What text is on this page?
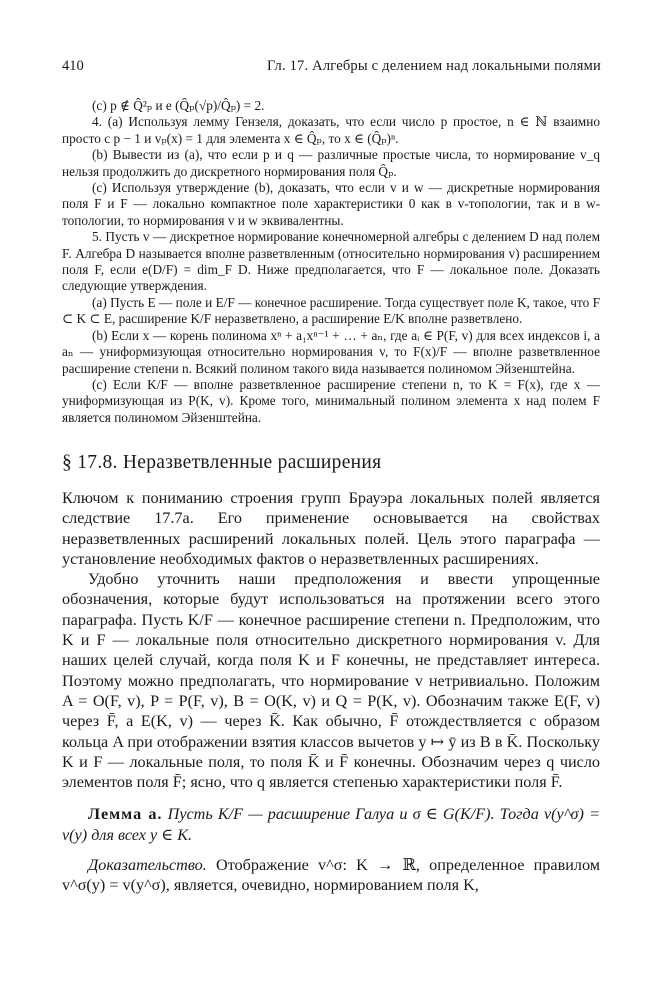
410	Гл. 17. Алгебры с делением над локальными полями

(c) p ∉ Q̂²ₚ и e (Q̂ₚ(√p)/Q̂ₚ) = 2.

4. (a) Используя лемму Гензеля, доказать, что если число p простое, n ∈ ℕ взаимно просто с p − 1 и vₚ(x) = 1 для элемента x ∈ Q̂ₚ, то x ∈ (Q̂ₚ)ⁿ.

(b) Вывести из (a), что если p и q — различные простые числа, то нормирование v_q нельзя продолжить до дискретного нормирования поля Q̂ₚ.

(c) Используя утверждение (b), доказать, что если v и w — дискретные нормирования поля F и F — локально компактное поле характеристики 0 как в v-топологии, так и в w-топологии, то нормирования v и w эквивалентны.

5. Пусть v — дискретное нормирование конечномерной алгебры с делением D над полем F. Алгебра D называется вполне разветвленным (относительно нормирования v) расширением поля F, если e(D/F) = dim_F D. Ниже предполагается, что F — локальное поле. Доказать следующие утверждения.

(a) Пусть E — поле и E/F — конечное расширение. Тогда существует поле K, такое, что F ⊂ K ⊂ E, расширение K/F неразветвлено, а расширение E/K вполне разветвлено.

(b) Если x — корень полинома xⁿ + a₁xⁿ⁻¹ + … + aₙ, где aᵢ ∈ P(F, v) для всех индексов i, а aₙ — униформизующая относительно нормирования v, то F(x)/F — вполне разветвленное расширение степени n. Всякий полином такого вида называется полиномом Эйзенштейна.

(c) Если K/F — вполне разветвленное расширение степени n, то K = F(x), где x — униформизующая из P(K, v). Кроме того, минимальный полином элемента x над полем F является полиномом Эйзенштейна.

§ 17.8. Неразветвленные расширения

Ключом к пониманию строения групп Брауэра локальных полей является следствие 17.7a. Его применение основывается на свойствах неразветвленных расширений локальных полей. Цель этого параграфа — установление необходимых фактов о неразветвленных расширениях.

Удобно уточнить наши предположения и ввести упрощенные обозначения, которые будут использоваться на протяжении всего этого параграфа. Пусть K/F — конечное расширение степени n. Предположим, что K и F — локальные поля относительно дискретного нормирования v. Для наших целей случай, когда поля K и F конечны, не представляет интереса. Поэтому можно предполагать, что нормирование v нетривиально. Положим A = O(F, v), P = P(F, v), B = O(K, v) и Q = P(K, v). Обозначим также E(F, v) через F̄, а E(K, v) — через K̄. Как обычно, F̄ отождествляется с образом кольца A при отображении взятия классов вычетов y ↦ ȳ из B в K̄. Поскольку K и F — локальные поля, то поля K̄ и F̄ конечны. Обозначим через q число элементов поля F̄; ясно, что q является степенью характеристики поля F̄.

Лемма а. Пусть K/F — расширение Галуа и σ ∈ G(K/F). Тогда v(y^σ) = v(y) для всех y ∈ K.

Доказательство. Отображение v^σ: K → ℝ, определенное правилом v^σ(y) = v(y^σ), является, очевидно, нормированием поля K,
